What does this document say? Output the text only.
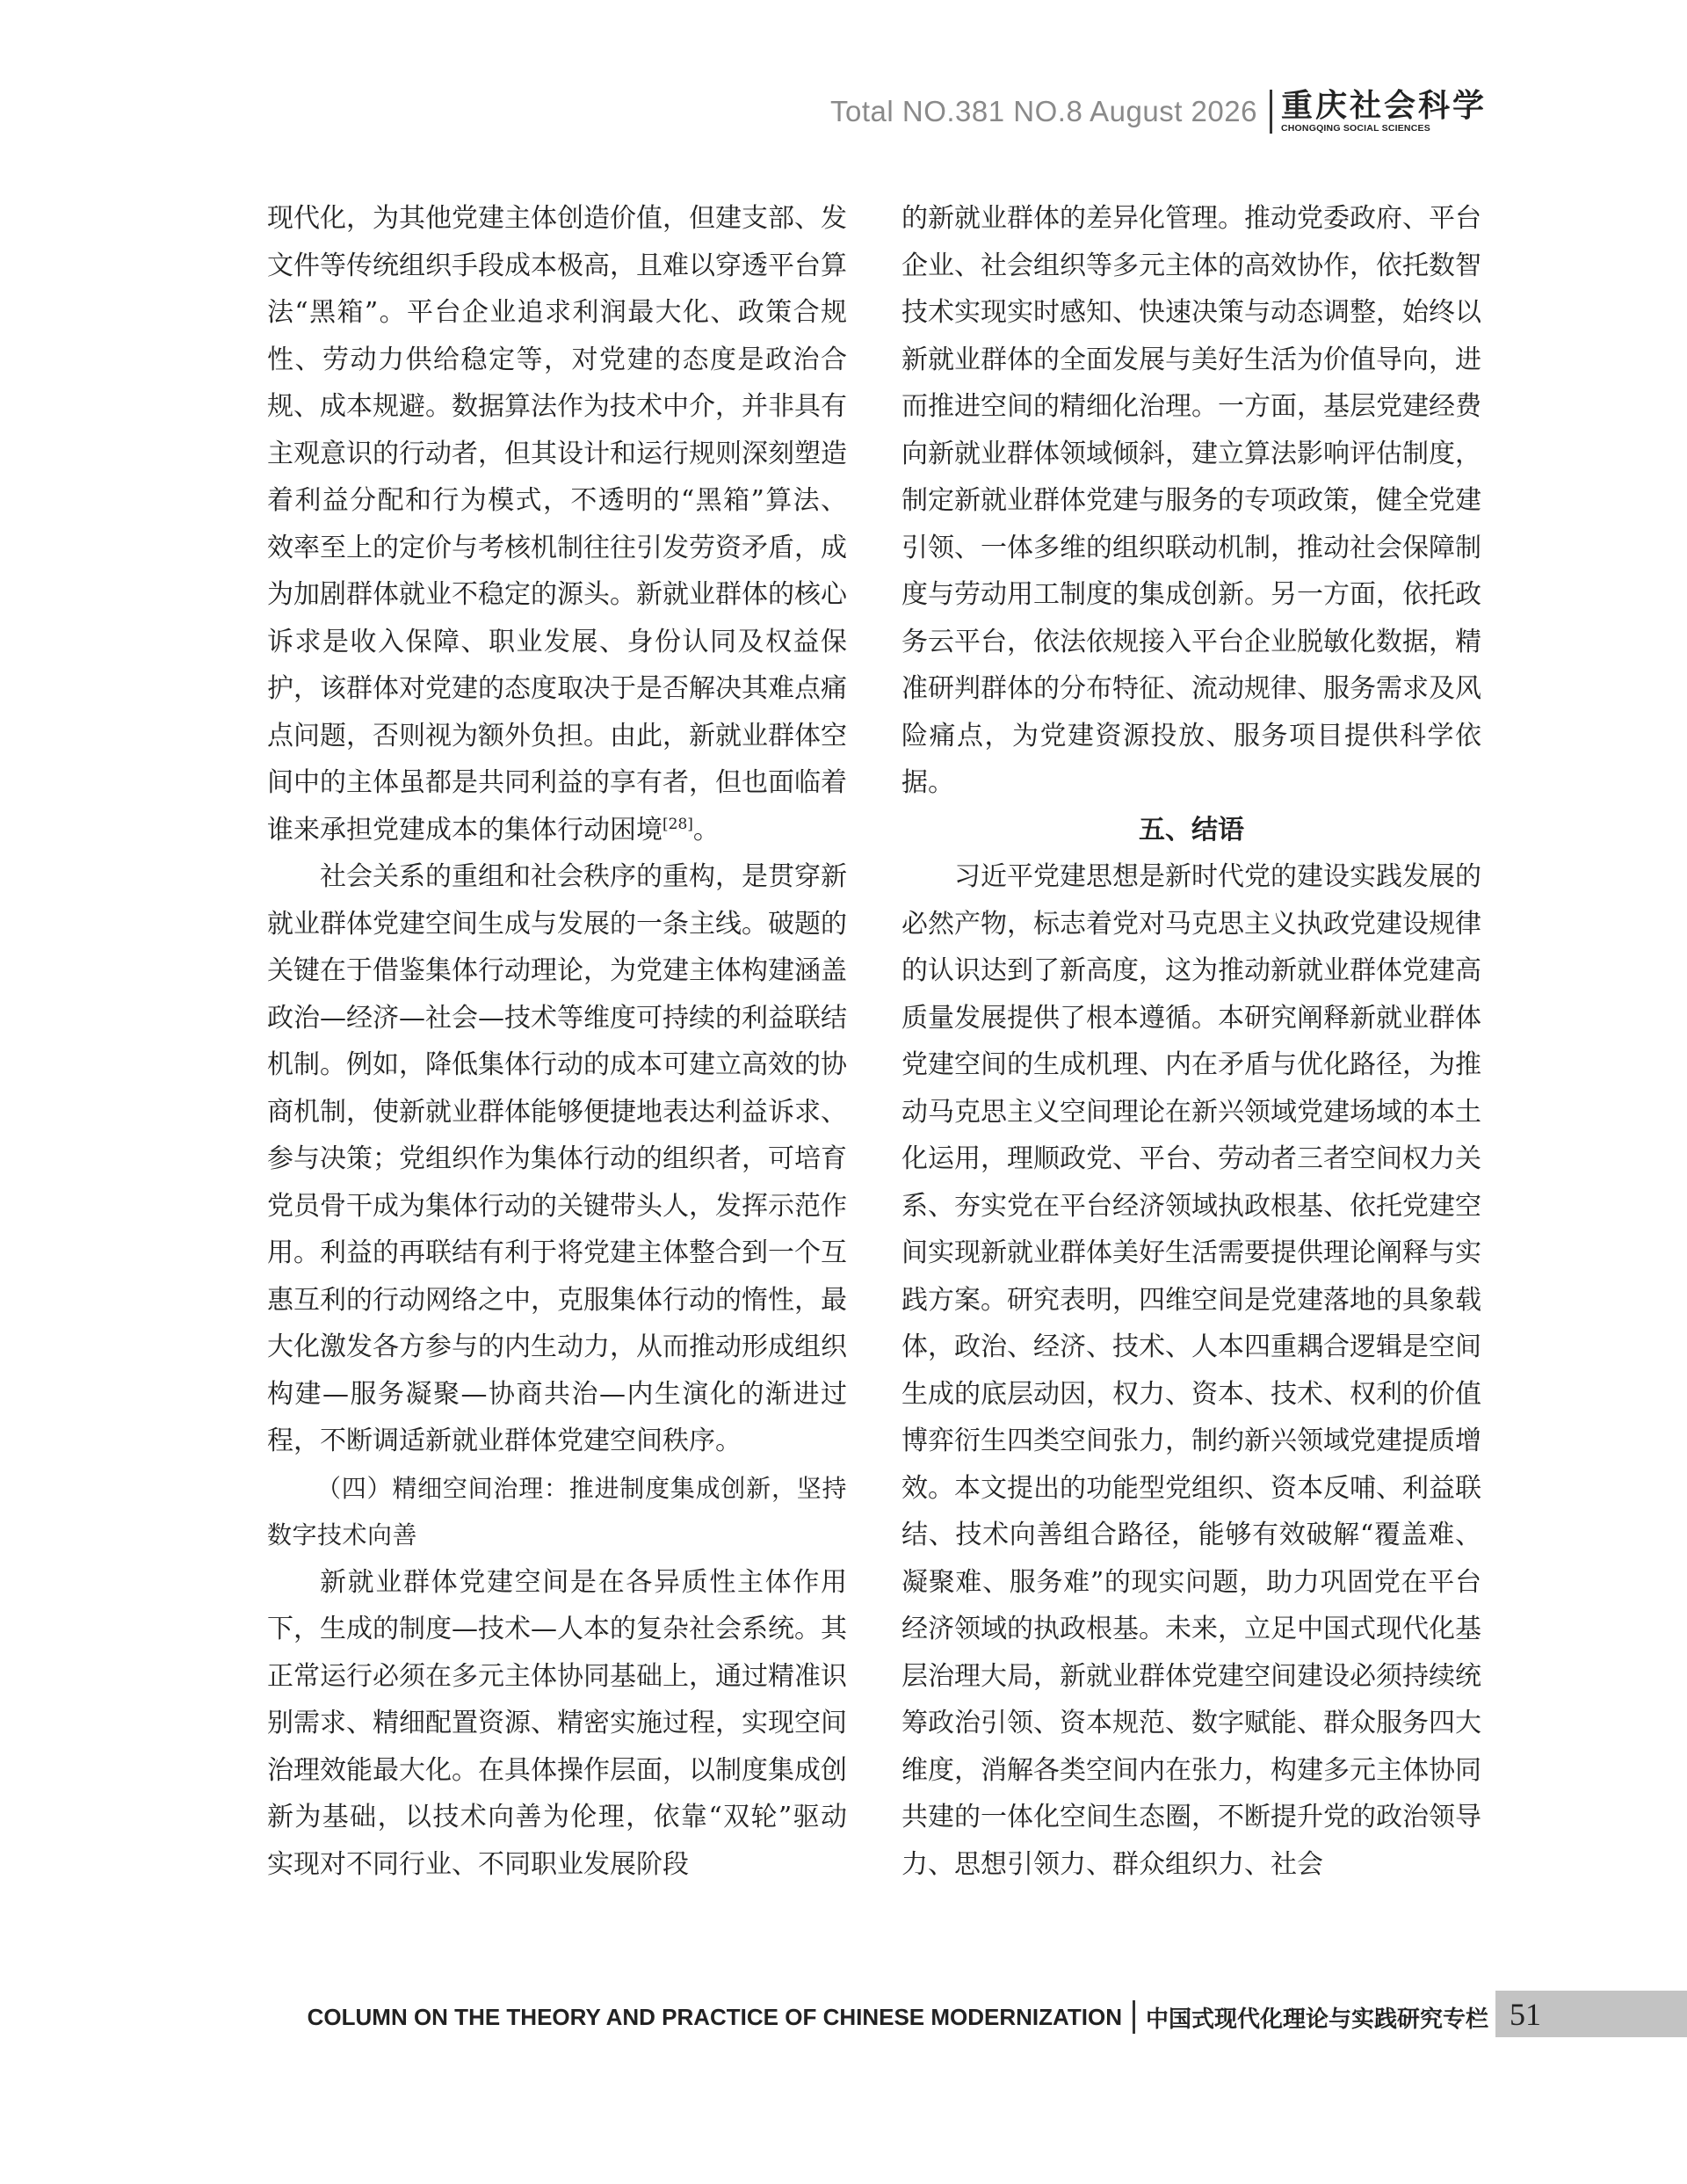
Total NO.381 NO.8 August 2026 重庆社会科学
CHONGQING SOCIAL SCIENCES

现代化，为其他党建主体创造价值，但建支部、发文件等传统组织手段成本极高，且难以穿透平台算法“黑箱”。平台企业追求利润最大化、政策合规性、劳动力供给稳定等，对党建的态度是政治合规、成本规避。数据算法作为技术中介，并非具有主观意识的行动者，但其设计和运行规则深刻塑造着利益分配和行为模式，不透明的“黑箱”算法、效率至上的定价与考核机制往往引发劳资矛盾，成为加剧群体就业不稳定的源头。新就业群体的核心诉求是收入保障、职业发展、身份认同及权益保护，该群体对党建的态度取决于是否解决其难点痛点问题，否则视为额外负担。由此，新就业群体空间中的主体虽都是共同利益的享有者，但也面临着谁来承担党建成本的集体行动困境[28]。

社会关系的重组和社会秩序的重构，是贯穿新就业群体党建空间生成与发展的一条主线。破题的关键在于借鉴集体行动理论，为党建主体构建涵盖政治—经济—社会—技术等维度可持续的利益联结机制。例如，降低集体行动的成本可建立高效的协商机制，使新就业群体能够便捷地表达利益诉求、参与决策；党组织作为集体行动的组织者，可培育党员骨干成为集体行动的关键带头人，发挥示范作用。利益的再联结有利于将党建主体整合到一个互惠互利的行动网络之中，克服集体行动的惰性，最大化激发各方参与的内生动力，从而推动形成组织构建—服务凝聚—协商共治—内生演化的渐进过程，不断调适新就业群体党建空间秩序。

（四）精细空间治理：推进制度集成创新，坚持数字技术向善

新就业群体党建空间是在各异质性主体作用下，生成的制度—技术—人本的复杂社会系统。其正常运行必须在多元主体协同基础上，通过精准识别需求、精细配置资源、精密实施过程，实现空间治理效能最大化。在具体操作层面，以制度集成创新为基础，以技术向善为伦理，依靠“双轮”驱动实现对不同行业、不同职业发展阶段

的新就业群体的差异化管理。推动党委政府、平台企业、社会组织等多元主体的高效协作，依托数智技术实现实时感知、快速决策与动态调整，始终以新就业群体的全面发展与美好生活为价值导向，进而推进空间的精细化治理。一方面，基层党建经费向新就业群体领域倾斜，建立算法影响评估制度，制定新就业群体党建与服务的专项政策，健全党建引领、一体多维的组织联动机制，推动社会保障制度与劳动用工制度的集成创新。另一方面，依托政务云平台，依法依规接入平台企业脱敏化数据，精准研判群体的分布特征、流动规律、服务需求及风险痛点，为党建资源投放、服务项目提供科学依据。

五、结语

习近平党建思想是新时代党的建设实践发展的必然产物，标志着党对马克思主义执政党建设规律的认识达到了新高度，这为推动新就业群体党建高质量发展提供了根本遵循。本研究阐释新就业群体党建空间的生成机理、内在矛盾与优化路径，为推动马克思主义空间理论在新兴领域党建场域的本土化运用，理顺政党、平台、劳动者三者空间权力关系、夯实党在平台经济领域执政根基、依托党建空间实现新就业群体美好生活需要提供理论阐释与实践方案。研究表明，四维空间是党建落地的具象载体，政治、经济、技术、人本四重耦合逻辑是空间生成的底层动因，权力、资本、技术、权利的价值博弈衍生四类空间张力，制约新兴领域党建提质增效。本文提出的功能型党组织、资本反哺、利益联结、技术向善组合路径，能够有效破解“覆盖难、凝聚难、服务难”的现实问题，助力巩固党在平台经济领域的执政根基。未来，立足中国式现代化基层治理大局，新就业群体党建空间建设必须持续统筹政治引领、资本规范、数字赋能、群众服务四大维度，消解各类空间内在张力，构建多元主体协同共建的一体化空间生态圈，不断提升党的政治领导力、思想引领力、群众组织力、社会

COLUMN ON THE THEORY AND PRACTICE OF CHINESE MODERNIZATION 中国式现代化理论与实践研究专栏 51
